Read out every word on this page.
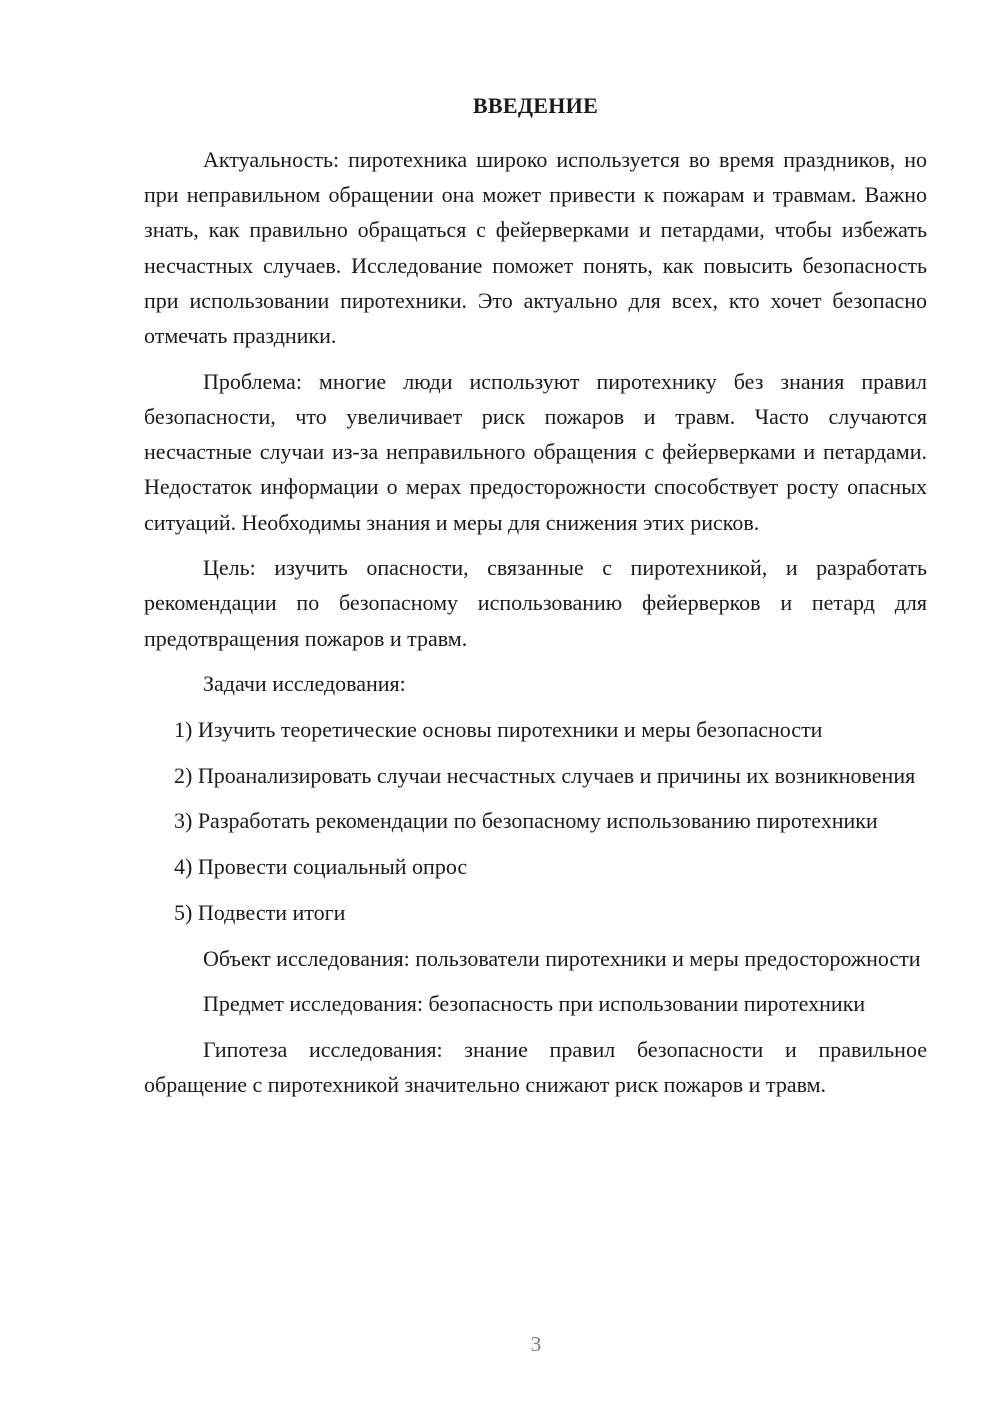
ВВЕДЕНИЕ

Актуальность: пиротехника широко используется во время праздников, но при неправильном обращении она может привести к пожарам и травмам. Важно знать, как правильно обращаться с фейерверками и петардами, чтобы избежать несчастных случаев. Исследование поможет понять, как повысить безопасность при использовании пиротехники. Это актуально для всех, кто хочет безопасно отмечать праздники.

Проблема: многие люди используют пиротехнику без знания правил безопасности, что увеличивает риск пожаров и травм. Часто случаются несчастные случаи из-за неправильного обращения с фейерверками и петардами. Недостаток информации о мерах предосторожности способствует росту опасных ситуаций. Необходимы знания и меры для снижения этих рисков.

Цель: изучить опасности, связанные с пиротехникой, и разработать рекомендации по безопасному использованию фейерверков и петард для предотвращения пожаров и травм.

Задачи исследования:

1) Изучить теоретические основы пиротехники и меры безопасности

2) Проанализировать случаи несчастных случаев и причины их возникновения

3) Разработать рекомендации по безопасному использованию пиротехники

4) Провести социальный опрос

5) Подвести итоги

Объект исследования: пользователи пиротехники и меры предосторожности

Предмет исследования: безопасность при использовании пиротехники

Гипотеза исследования: знание правил безопасности и правильное обращение с пиротехникой значительно снижают риск пожаров и травм.

3
